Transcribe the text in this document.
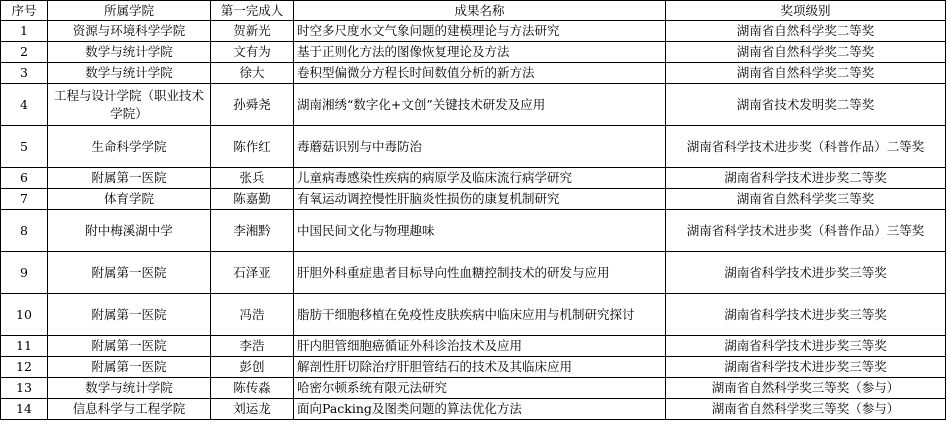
序号	所属学院	第一完成人	成果名称	奖项级别
1	资源与环境科学学院	贺新光	时空多尺度水文气象问题的建模理论与方法研究	湖南省自然科学奖二等奖
2	数学与统计学院	文有为	基于正则化方法的图像恢复理论及方法	湖南省自然科学奖二等奖
3	数学与统计学院	徐大	卷积型偏微分方程长时间数值分析的新方法	湖南省自然科学奖二等奖
4	工程与设计学院（职业技术学院）	孙舜尧	湖南湘绣“数字化+文创”关键技术研发及应用	湖南省技术发明奖二等奖
5	生命科学学院	陈作红	毒蘑菇识别与中毒防治	湖南省科学技术进步奖（科普作品）二等奖
6	附属第一医院	张兵	儿童病毒感染性疾病的病原学及临床流行病学研究	湖南省科学技术进步奖二等奖
7	体育学院	陈嘉勤	有氧运动调控慢性肝脑炎性损伤的康复机制研究	湖南省自然科学奖三等奖
8	附中梅溪湖中学	李湘黔	中国民间文化与物理趣味	湖南省科学技术进步奖（科普作品）三等奖
9	附属第一医院	石泽亚	肝胆外科重症患者目标导向性血糖控制技术的研发与应用	湖南省科学技术进步奖三等奖
10	附属第一医院	冯浩	脂肪干细胞移植在免疫性皮肤疾病中临床应用与机制研究探讨	湖南省科学技术进步奖三等奖
11	附属第一医院	李浩	肝内胆管细胞癌循证外科诊治技术及应用	湖南省科学技术进步奖三等奖
12	附属第一医院	彭创	解剖性肝切除治疗肝胆管结石的技术及其临床应用	湖南省科学技术进步奖三等奖
13	数学与统计学院	陈传淼	哈密尔顿系统有限元法研究	湖南省自然科学奖三等奖（参与）
14	信息科学与工程学院	刘运龙	面向Packing及图类问题的算法优化方法	湖南省自然科学奖三等奖（参与）
